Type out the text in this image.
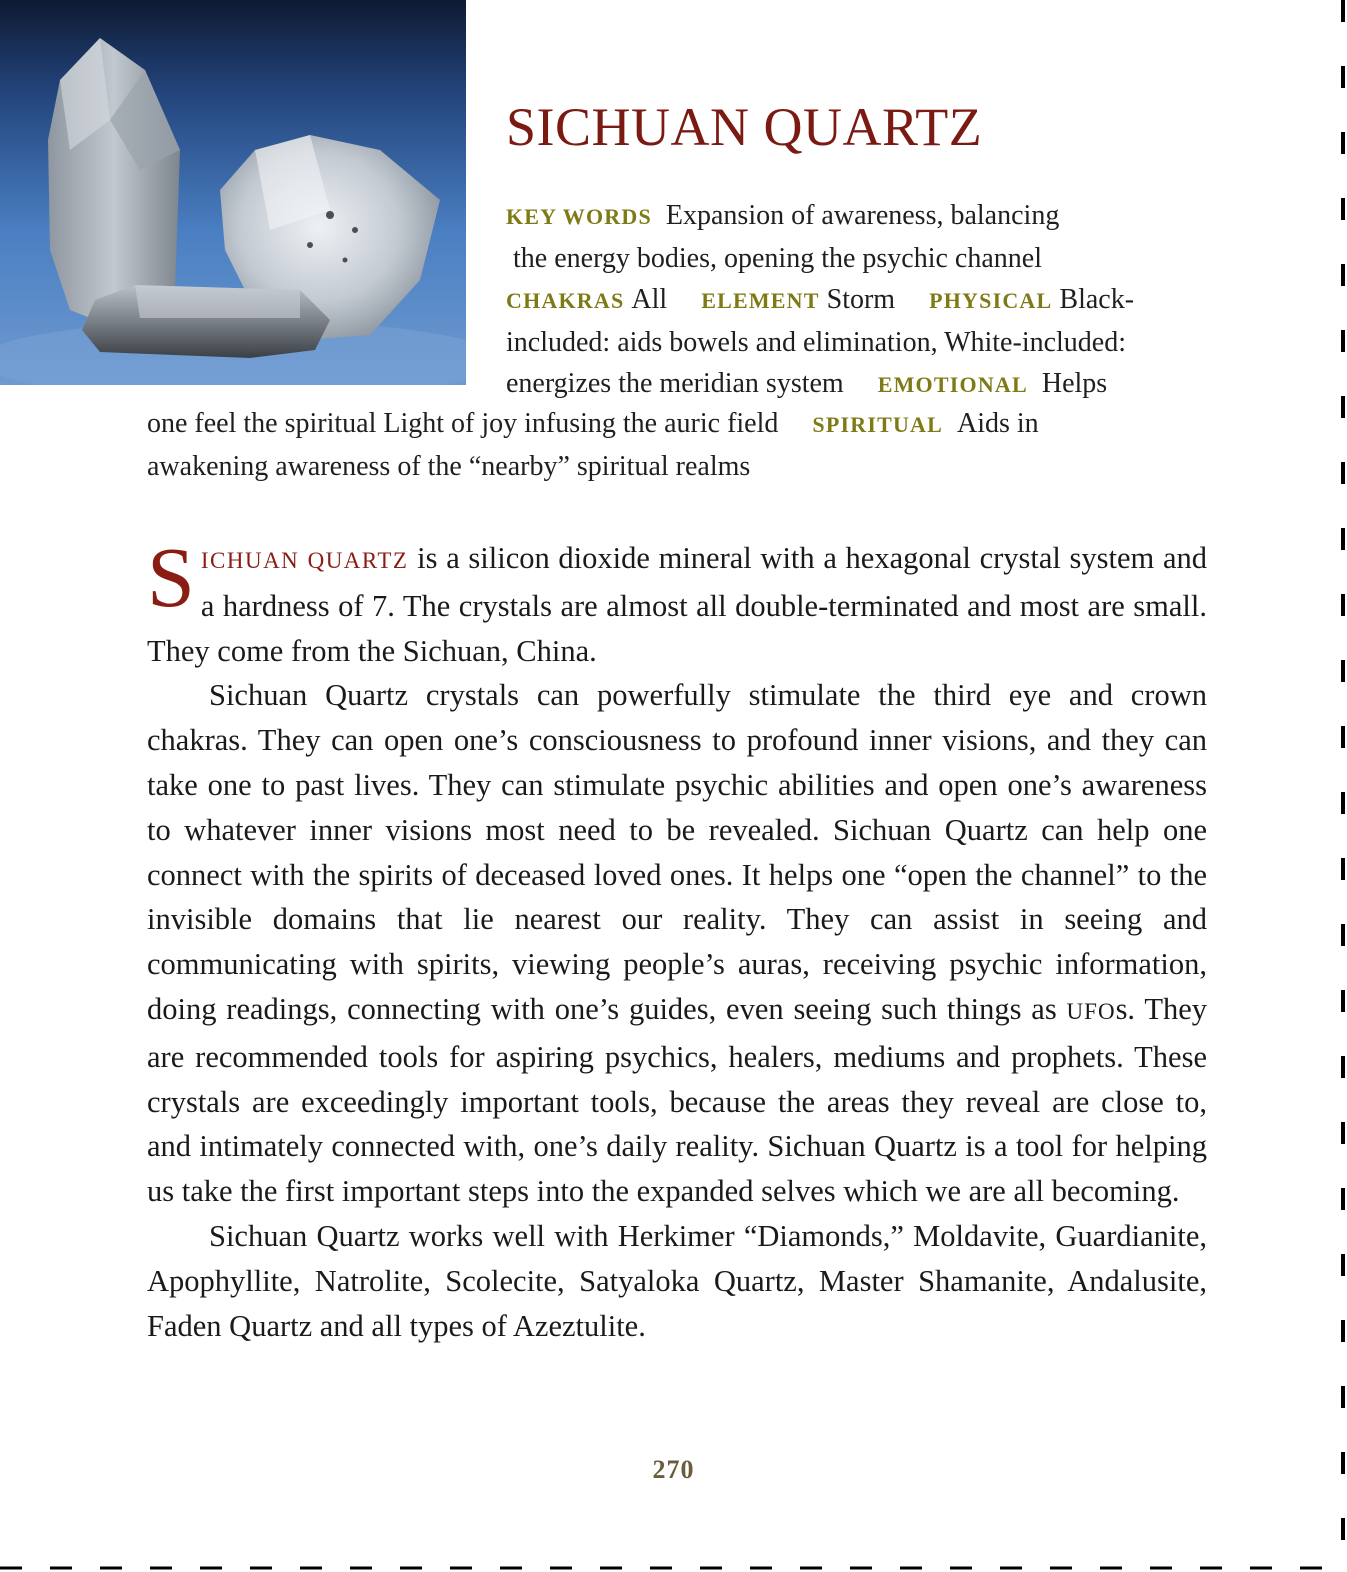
SICHUAN QUARTZ
KEY WORDS Expansion of awareness, balancing
the energy bodies, opening the psychic channel
CHAKRAS All ELEMENT Storm PHYSICAL Black-
included: aids bowels and elimination, White-included:
energizes the meridian system EMOTIONAL Helps
one feel the spiritual Light of joy infusing the auric field SPIRITUAL Aids in
awakening awareness of the “nearby” spiritual realms

SICHUAN QUARTZ is a silicon dioxide mineral with a hexagonal crystal system and a hardness of 7. The crystals are almost all double-terminated and most are small. They come from the Sichuan, China.

Sichuan Quartz crystals can powerfully stimulate the third eye and crown chakras. They can open one’s consciousness to profound inner visions, and they can take one to past lives. They can stimulate psychic abilities and open one’s awareness to whatever inner visions most need to be revealed. Sichuan Quartz can help one connect with the spirits of deceased loved ones. It helps one “open the channel” to the invisible domains that lie nearest our reality. They can assist in seeing and communicating with spirits, viewing people’s auras, receiving psychic information, doing readings, connecting with one’s guides, even seeing such things as UFOs. They are recommended tools for aspiring psychics, healers, mediums and prophets. These crystals are exceedingly important tools, because the areas they reveal are close to, and intimately connected with, one’s daily reality. Sichuan Quartz is a tool for helping us take the first important steps into the expanded selves which we are all becoming.

Sichuan Quartz works well with Herkimer “Diamonds,” Moldavite, Guardianite, Apophyllite, Natrolite, Scolecite, Satyaloka Quartz, Master Shamanite, Andalusite, Faden Quartz and all types of Azeztulite.

270
